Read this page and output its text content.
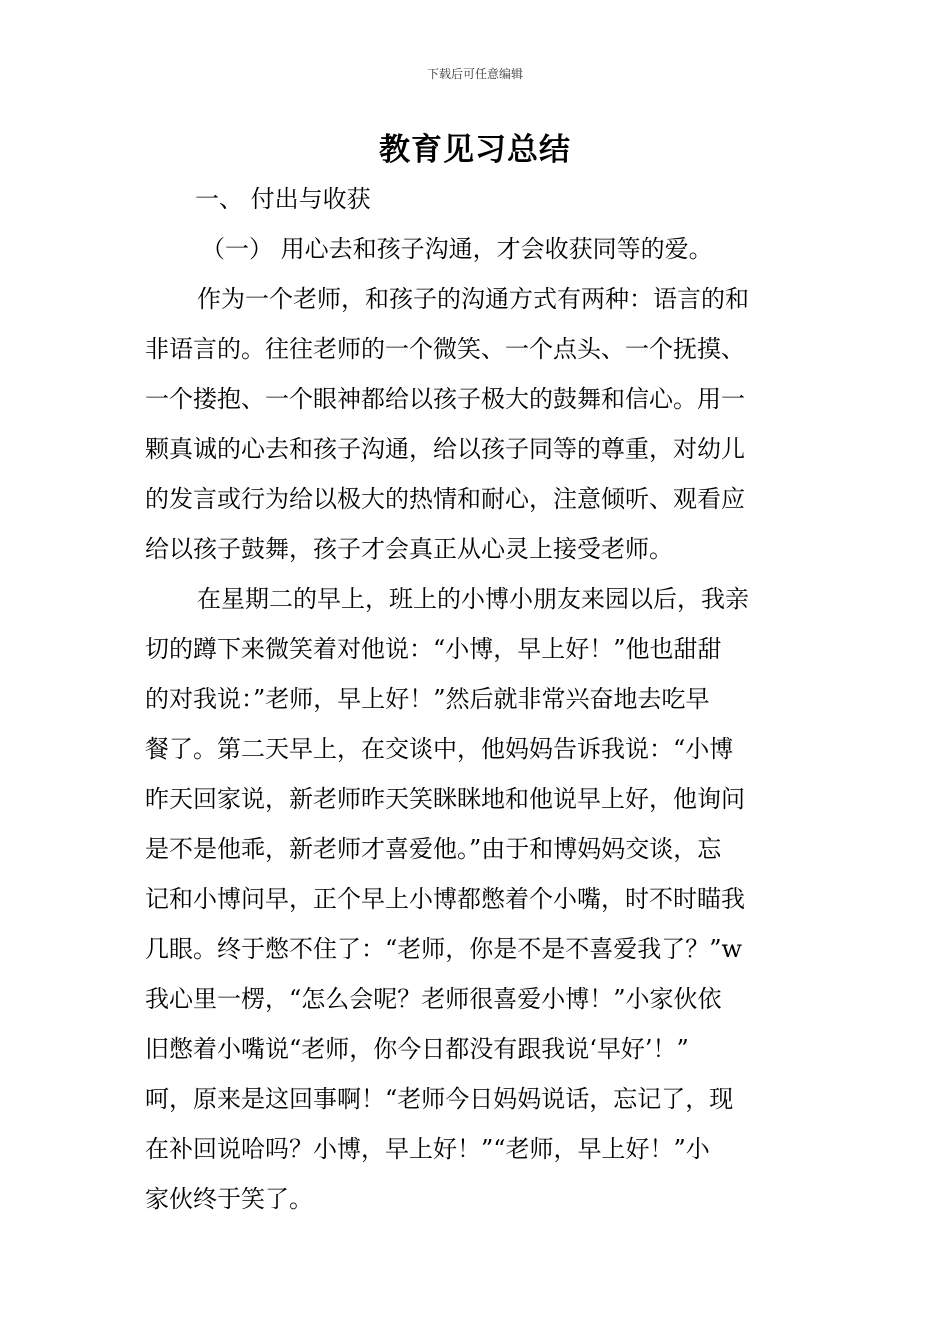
下载后可任意编辑
教育见习总结
一、 付出与收获
（一） 用心去和孩子沟通，才会收获同等的爱。
作为一个老师，和孩子的沟通方式有两种：语言的和
非语言的。往往老师的一个微笑、一个点头、一个抚摸、
一个搂抱、一个眼神都给以孩子极大的鼓舞和信心。用一
颗真诚的心去和孩子沟通，给以孩子同等的尊重，对幼儿
的发言或行为给以极大的热情和耐心，注意倾听、观看应
给以孩子鼓舞，孩子才会真正从心灵上接受老师。
在星期二的早上，班上的小博小朋友来园以后，我亲
切的蹲下来微笑着对他说：“小博，早上好！”他也甜甜
的对我说：”老师，早上好！”然后就非常兴奋地去吃早
餐了。第二天早上，在交谈中，他妈妈告诉我说：“小博
昨天回家说，新老师昨天笑眯眯地和他说早上好，他询问
是不是他乖，新老师才喜爱他。”由于和博妈妈交谈，忘
记和小博问早，正个早上小博都憋着个小嘴，时不时瞄我
几眼。终于憋不住了：“老师，你是不是不喜爱我了？”w
我心里一楞，“怎么会呢？老师很喜爱小博！”小家伙依
旧憋着小嘴说“老师，你今日都没有跟我说‘早好’！”
呵，原来是这回事啊！“老师今日妈妈说话，忘记了，现
在补回说哈吗？小博，早上好！”“老师，早上好！”小
家伙终于笑了。
